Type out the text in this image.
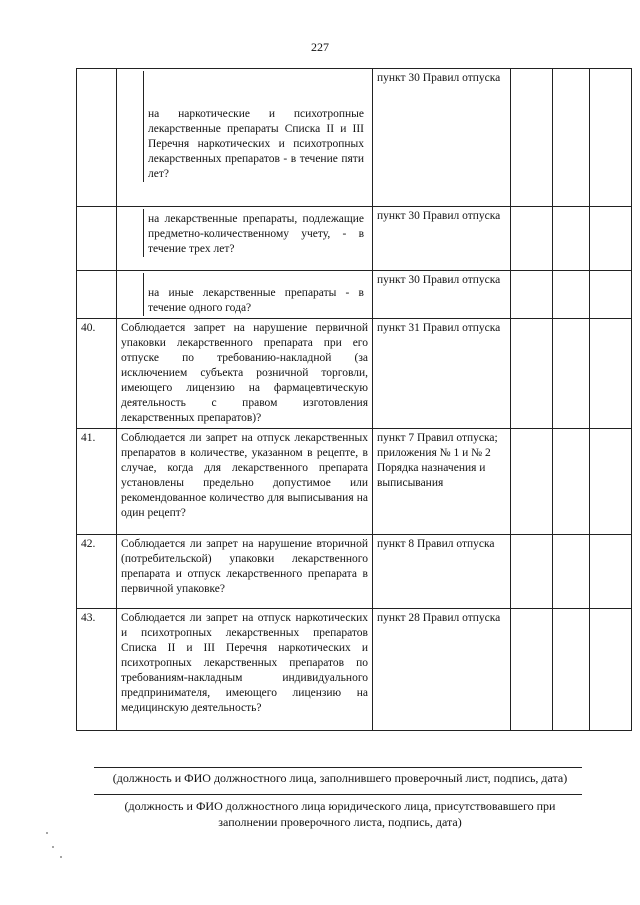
227

	на наркотические и психотропные лекарственные препараты Списка II и III Перечня наркотических и психотропных лекарственных препаратов - в течение пяти лет?	пункт 30 Правил отпуска			

	на лекарственные препараты, подлежащие предметно-количественному учету, - в течение трех лет?	пункт 30 Правил отпуска			

	на иные лекарственные препараты - в течение одного года?	пункт 30 Правил отпуска			
40.	Соблюдается запрет на нарушение первичной упаковки лекарственного препарата при его отпуске по требованию-накладной (за исключением субъекта розничной торговли, имеющего лицензию на фармацевтическую деятельность с правом изготовления лекарственных препаратов)?	пункт 31 Правил отпуска			
41.	Соблюдается ли запрет на отпуск лекарственных препаратов в количестве, указанном в рецепте, в случае, когда для лекарственного препарата установлены предельно допустимое или рекомендованное количество для выписывания на один рецепт?	пункт 7 Правил отпуска; приложения № 1 и № 2 Порядка назначения и выписывания			
42.	Соблюдается ли запрет на нарушение вторичной (потребительской) упаковки лекарственного препарата и отпуск лекарственного препарата в первичной упаковке?	пункт 8 Правил отпуска			
43.	Соблюдается ли запрет на отпуск наркотических и психотропных лекарственных препаратов Списка II и III Перечня наркотических и психотропных лекарственных препаратов по требованиям-накладным индивидуального предпринимателя, имеющего лицензию на медицинскую деятельность?	пункт 28 Правил отпуска			
(должность и ФИО должностного лица, заполнившего проверочный лист, подпись, дата)
(должность и ФИО должностного лица юридического лица, присутствовавшего при заполнении проверочного листа, подпись, дата)
